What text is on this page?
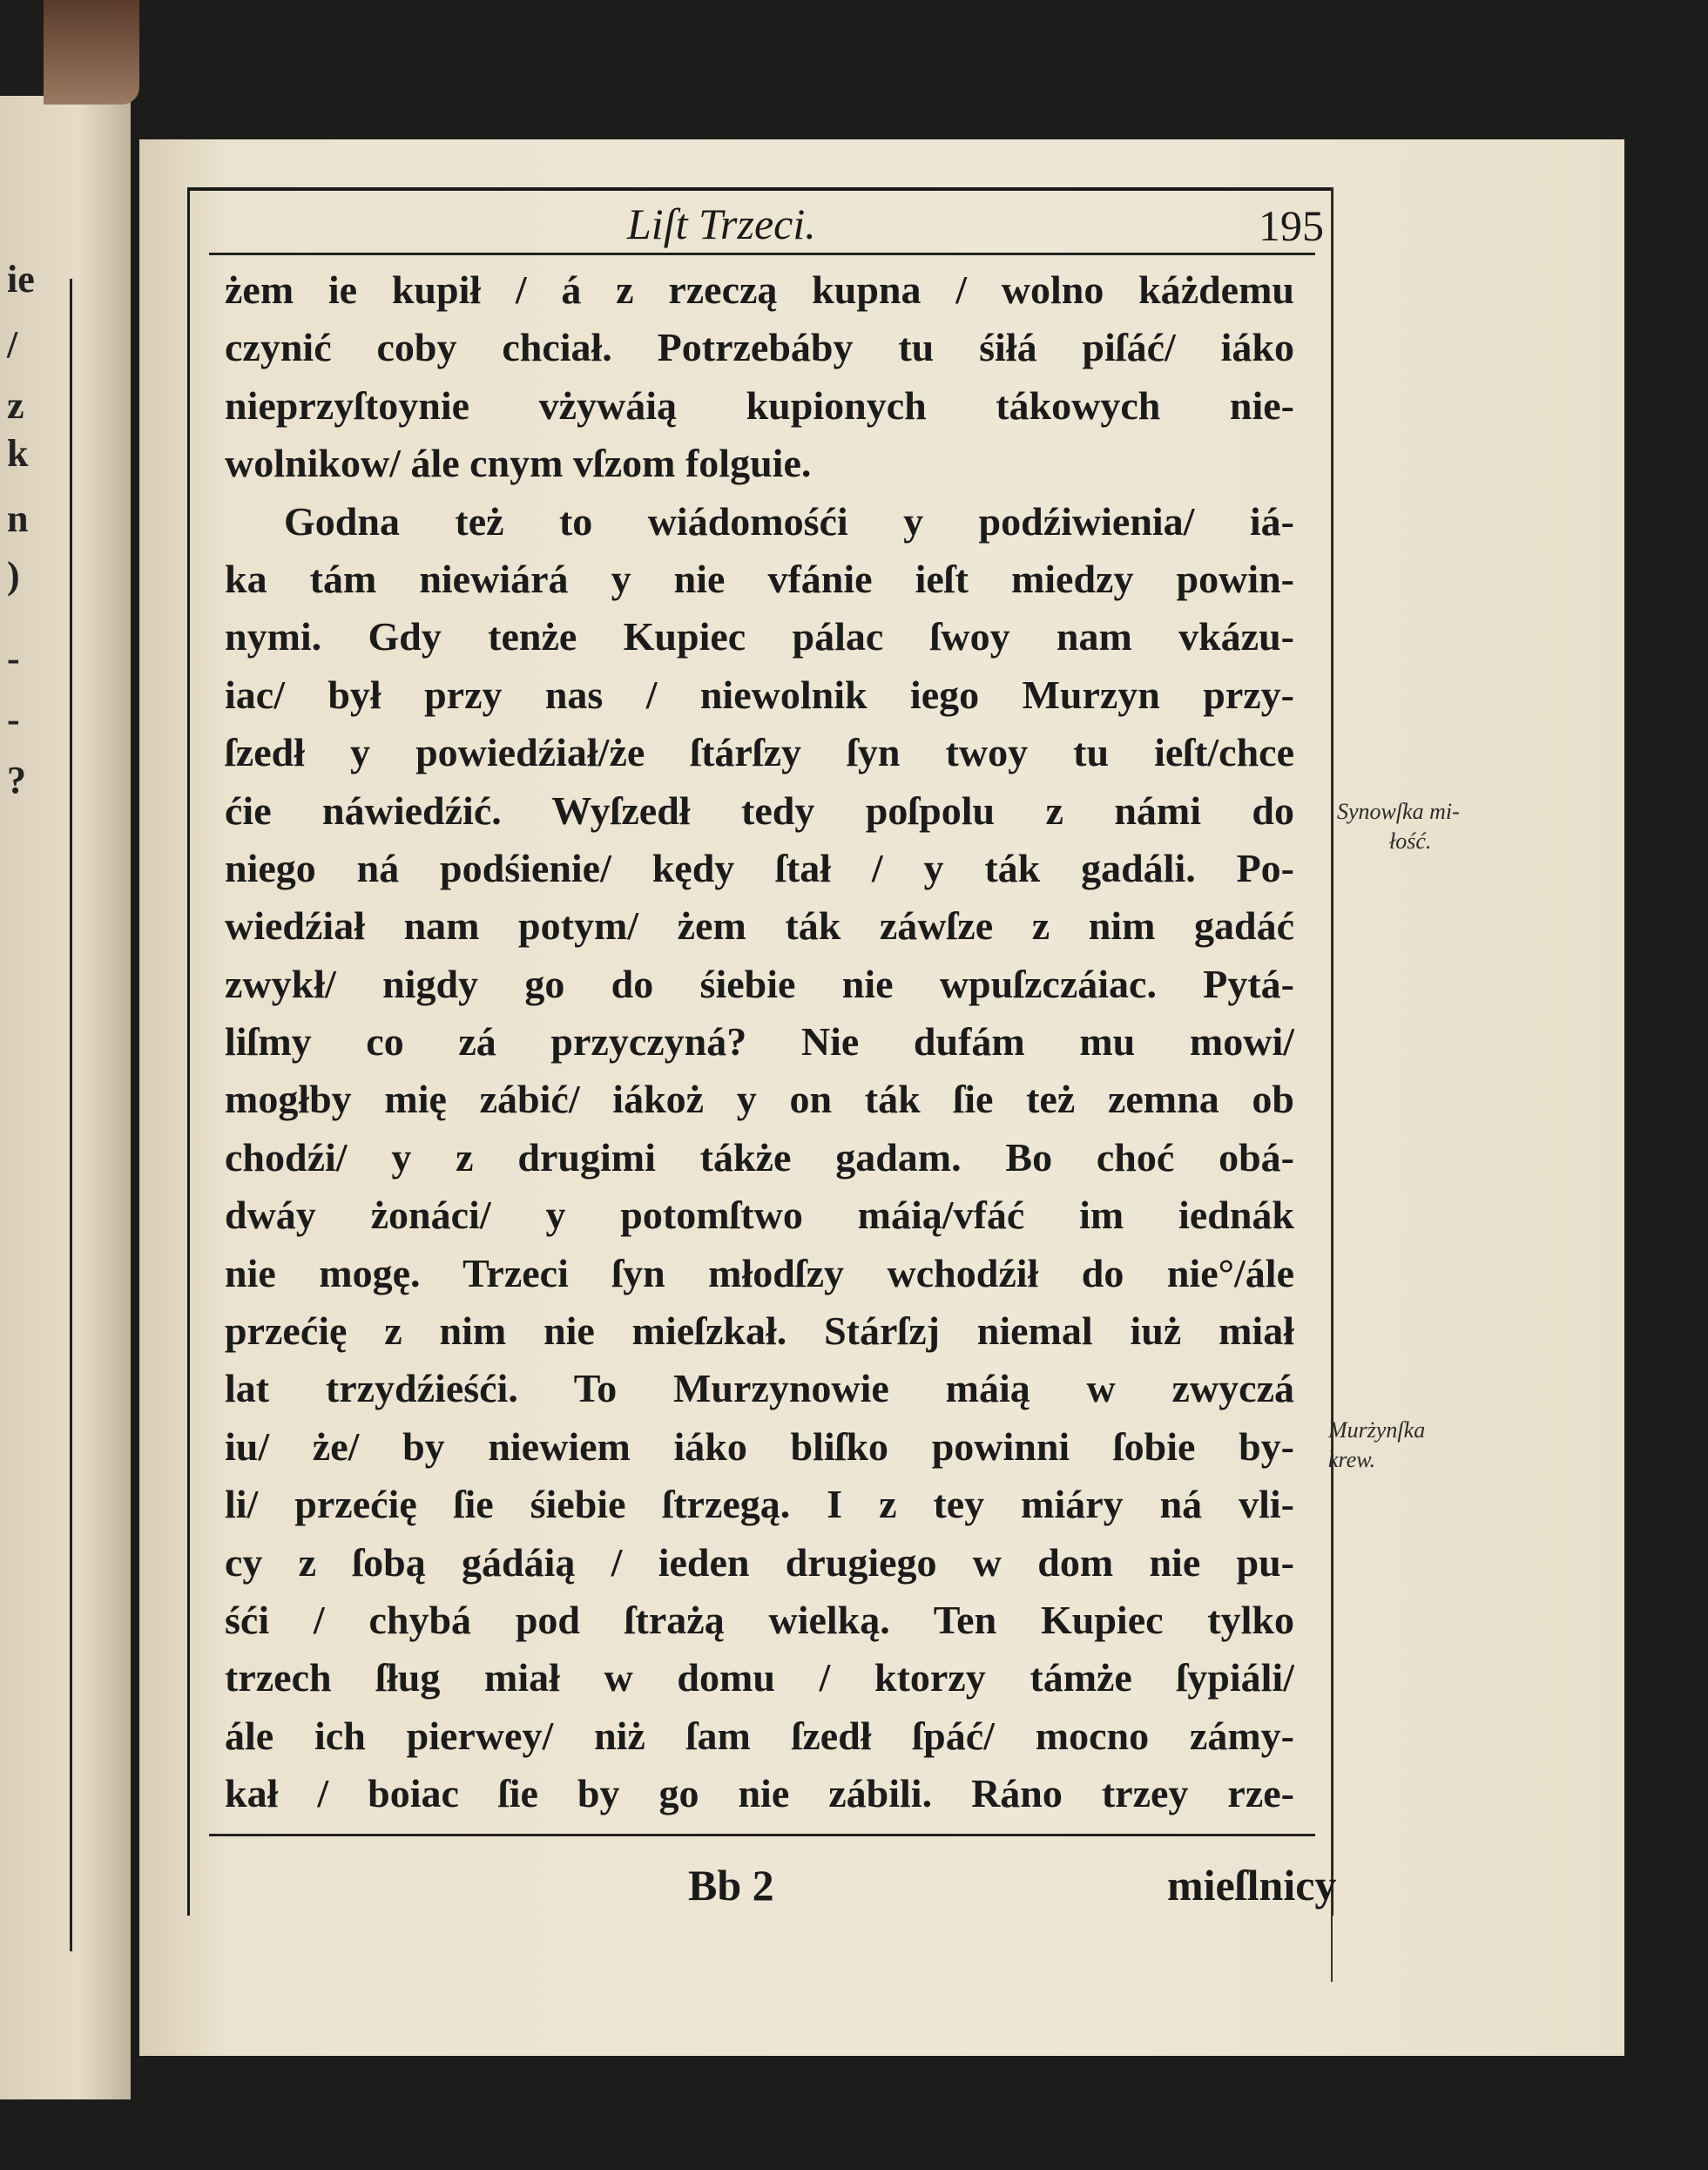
ie
/
z
k
n
)
-
-
?
Liſt Trzeci.	195
żem ie kupił / á z rzeczą kupna / wolno káżdemu
czynić coby chciał. Potrzebáby tu śiłá piſáć/ iáko
nieprzyſtoynie vżywáią kupionych tákowych nie-
wolnikow/ ále cnym vſzom folguie.
Godna też to wiádomośći y podźiwienia/ iá-
ka tám niewiárá y nie vfánie ieſt miedzy powin-
nymi. Gdy tenże Kupiec pálac ſwoy nam vkázu-
iac/ był przy nas / niewolnik iego Murzyn przy-
ſzedł y powiedźiał/że ſtárſzy ſyn twoy tu ieſt/chce
ćie náwiedźić. Wyſzedł tedy poſpolu z námi do
niego ná podśienie/ kędy ſtał / y ták gadáli. Po-
wiedźiał nam potym/ żem ták záwſze z nim gadáć
zwykł/ nigdy go do śiebie nie wpuſzczáiac. Pytá-
liſmy co zá przyczyná? Nie dufám mu mowi/
mogłby mię zábić/ iákoż y on ták ſie też zemna ob
chodźi/ y z drugimi tákże gadam. Bo choć obá-
dwáy żonáci/ y potomſtwo máią/vfáć im iednák
nie mogę. Trzeci ſyn młodſzy wchodźił do nie°/ále
przećię z nim nie mieſzkał. Stárſzj niemal iuż miał
lat trzydźieśći. To Murzynowie máią w zwyczá
iu/ że/ by niewiem iáko bliſko powinni ſobie by-
li/ przećię ſie śiebie ſtrzegą. I z tey miáry ná vli-
cy z ſobą gádáią / ieden drugiego w dom nie pu-
śći / chybá pod ſtrażą wielką. Ten Kupiec tylko
trzech ſług miał w domu / ktorzy támże ſypiáli/
ále ich pierwey/ niż ſam ſzedł ſpáć/ mocno zámy-
kał / boiac ſie by go nie zábili. Ráno trzey rze-
Bb 2	mieſlnicy
Synowſka mi-
łość.
Murżynſka
krew.
